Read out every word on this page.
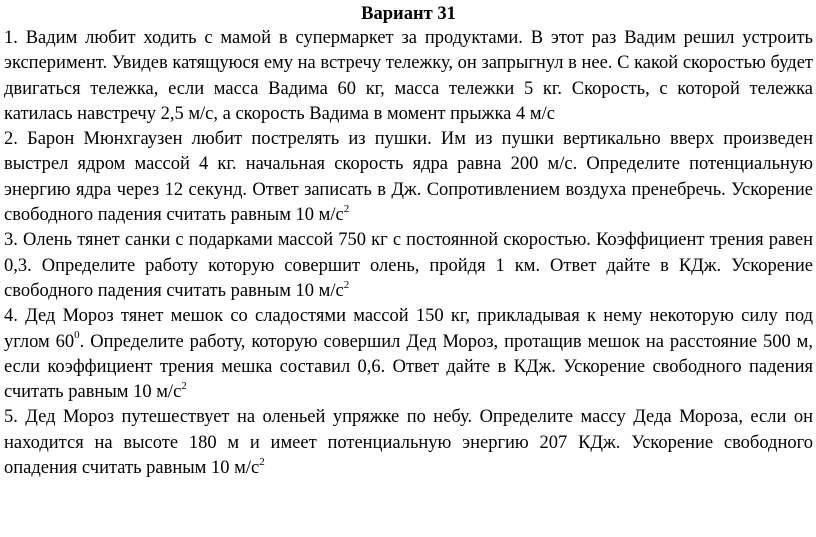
Вариант 31

1. Вадим любит ходить с мамой в супермаркет за продуктами. В этот раз Вадим решил устроить эксперимент. Увидев катящуюся ему на встречу тележку, он запрыгнул в нее. С какой скоростью будет двигаться тележка, если масса Вадима 60 кг, масса тележки 5 кг. Скорость, с которой тележка катилась навстречу 2,5 м/с, а скорость Вадима в момент прыжка 4 м/с

2. Барон Мюнхгаузен любит пострелять из пушки. Им из пушки вертикально вверх произведен выстрел ядром массой 4 кг. начальная скорость ядра равна 200 м/с. Определите потенциальную энергию ядра через 12 секунд. Ответ записать в Дж. Сопротивлением воздуха пренебречь. Ускорение свободного падения считать равным 10 $м/с^2$

3. Олень тянет санки с подарками массой 750 кг с постоянной скоростью. Коэффициент трения равен 0,3. Определите работу которую совершит олень, пройдя 1 км. Ответ дайте в КДж. Ускорение свободного падения считать равным 10 $м/с^2$

4. Дед Мороз тянет мешок со сладостями массой 150 кг, прикладывая к нему некоторую силу под углом $60^0$. Определите работу, которую совершил Дед Мороз, протащив мешок на расстояние 500 м, если коэффициент трения мешка составил 0,6. Ответ дайте в КДж. Ускорение свободного падения считать равным 10 $м/с^2$

5. Дед Мороз путешествует на оленьей упряжке по небу. Определите массу Деда Мороза, если он находится на высоте 180 м и имеет потенциальную энергию 207 КДж. Ускорение свободного опадения считать равным 10 $м/с^2$
